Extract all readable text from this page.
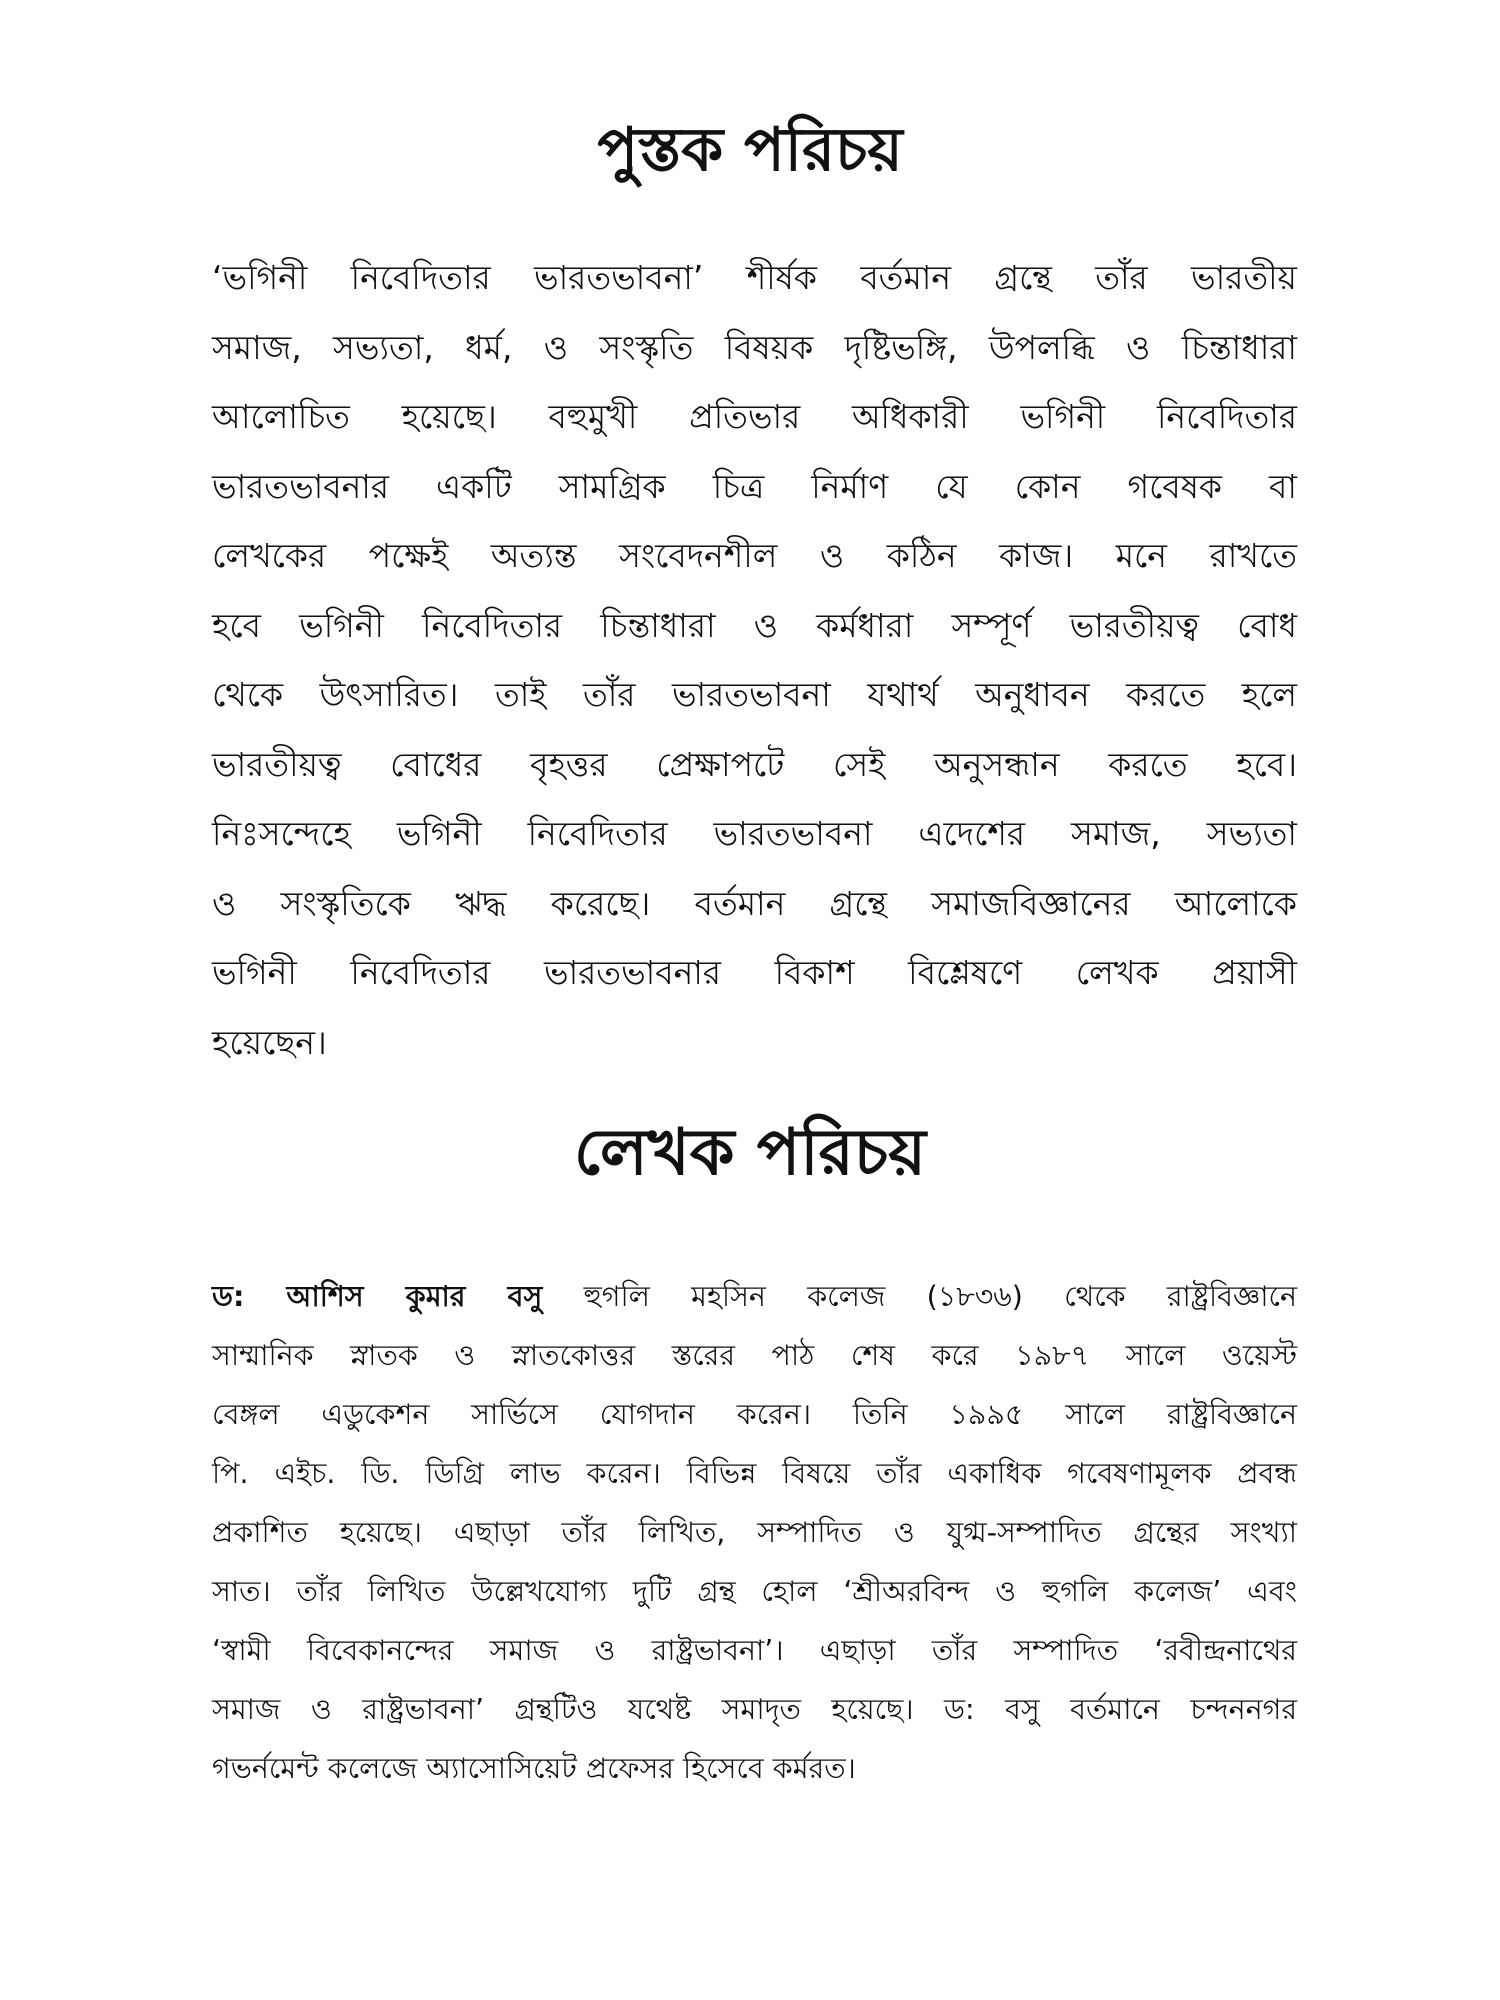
পুস্তক পরিচয়
‘ভগিনী নিবেদিতার ভারতভাবনা’ শীর্ষক বর্তমান গ্রন্থে তাঁর ভারতীয়
সমাজ, সভ্যতা, ধর্ম, ও সংস্কৃতি বিষয়ক দৃষ্টিভঙ্গি, উপলব্ধি ও চিন্তাধারা
আলোচিত হয়েছে। বহুমুখী প্রতিভার অধিকারী ভগিনী নিবেদিতার
ভারতভাবনার একটি সামগ্রিক চিত্র নির্মাণ যে কোন গবেষক বা
লেখকের পক্ষেই অত্যন্ত সংবেদনশীল ও কঠিন কাজ। মনে রাখতে
হবে ভগিনী নিবেদিতার চিন্তাধারা ও কর্মধারা সম্পূর্ণ ভারতীয়ত্ব বোধ
থেকে উৎসারিত। তাই তাঁর ভারতভাবনা যথার্থ অনুধাবন করতে হলে
ভারতীয়ত্ব বোধের বৃহত্তর প্রেক্ষাপটে সেই অনুসন্ধান করতে হবে।
নিঃসন্দেহে ভগিনী নিবেদিতার ভারতভাবনা এদেশের সমাজ, সভ্যতা
ও সংস্কৃতিকে ঋদ্ধ করেছে। বর্তমান গ্রন্থে সমাজবিজ্ঞানের আলোকে
ভগিনী নিবেদিতার ভারতভাবনার বিকাশ বিশ্লেষণে লেখক প্রয়াসী
হয়েছেন।
লেখক পরিচয়
ড: আশিস কুমার বসু হুগলি মহসিন কলেজ (১৮৩৬) থেকে রাষ্ট্রবিজ্ঞানে
সাম্মানিক স্নাতক ও স্নাতকোত্তর স্তরের পাঠ শেষ করে ১৯৮৭ সালে ওয়েস্ট
বেঙ্গল এডুকেশন সার্ভিসে যোগদান করেন। তিনি ১৯৯৫ সালে রাষ্ট্রবিজ্ঞানে
পি. এইচ. ডি. ডিগ্রি লাভ করেন। বিভিন্ন বিষয়ে তাঁর একাধিক গবেষণামূলক প্রবন্ধ
প্রকাশিত হয়েছে। এছাড়া তাঁর লিখিত, সম্পাদিত ও যুগ্ম-সম্পাদিত গ্রন্থের সংখ্যা
সাত। তাঁর লিখিত উল্লেখযোগ্য দুটি গ্রন্থ হোল ‘শ্রীঅরবিন্দ ও হুগলি কলেজ’ এবং
‘স্বামী বিবেকানন্দের সমাজ ও রাষ্ট্রভাবনা’। এছাড়া তাঁর সম্পাদিত ‘রবীন্দ্রনাথের
সমাজ ও রাষ্ট্রভাবনা’ গ্রন্থটিও যথেষ্ট সমাদৃত হয়েছে। ড: বসু বর্তমানে চন্দননগর
গভর্নমেন্ট কলেজে অ্যাসোসিয়েট প্রফেসর হিসেবে কর্মরত।
